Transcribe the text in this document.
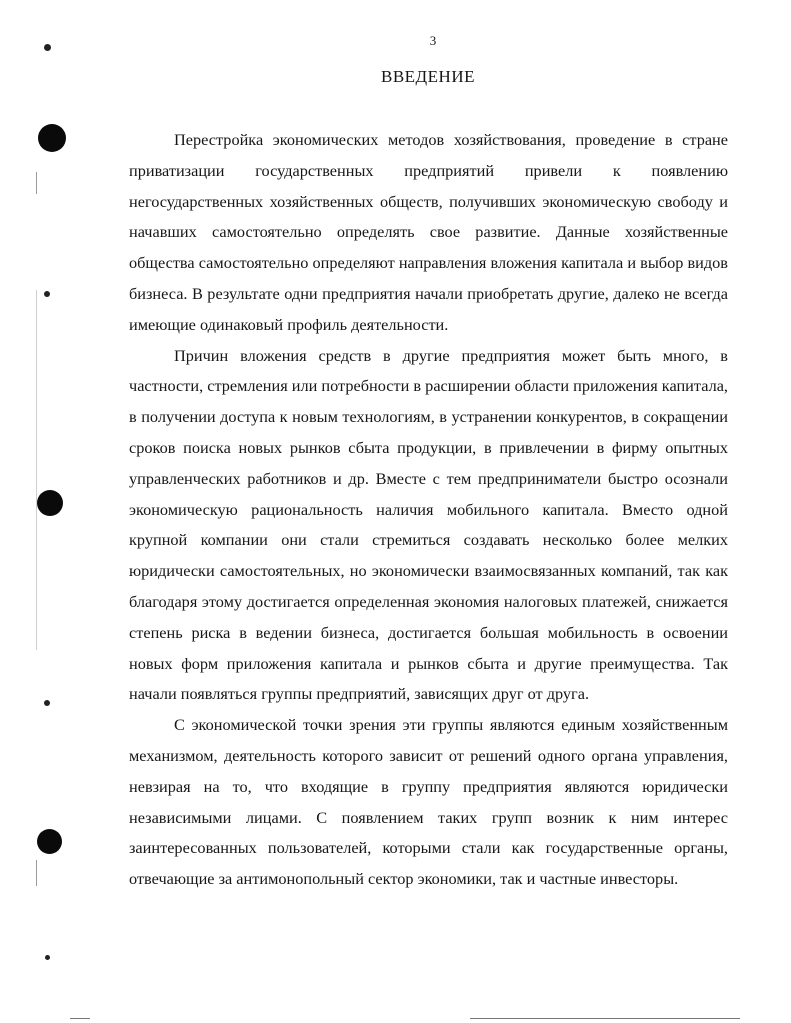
3
ВВЕДЕНИЕ

Перестройка экономических методов хозяйствования, проведение в стране приватизации государственных предприятий привели к появлению негосударственных хозяйственных обществ, получивших экономическую свободу и начавших самостоятельно определять свое развитие. Данные хозяйственные общества самостоятельно определяют направления вложения капитала и выбор видов бизнеса. В результате одни предприятия начали приобретать другие, далеко не всегда имеющие одинаковый профиль деятельности.

Причин вложения средств в другие предприятия может быть много, в частности, стремления или потребности в расширении области приложения капитала, в получении доступа к новым технологиям, в устранении конкурентов, в сокращении сроков поиска новых рынков сбыта продукции, в привлечении в фирму опытных управленческих работников и др. Вместе с тем предприниматели быстро осознали экономическую рациональность наличия мобильного капитала. Вместо одной крупной компании они стали стремиться создавать несколько более мелких юридически самостоятельных, но экономически взаимосвязанных компаний, так как благодаря этому достигается определенная экономия налоговых платежей, снижается степень риска в ведении бизнеса, достигается большая мобильность в освоении новых форм приложения капитала и рынков сбыта и другие преимущества. Так начали появляться группы предприятий, зависящих друг от друга.

С экономической точки зрения эти группы являются единым хозяйственным механизмом, деятельность которого зависит от решений одного органа управления, невзирая на то, что входящие в группу предприятия являются юридически независимыми лицами. С появлением таких групп возник к ним интерес заинтересованных пользователей, которыми стали как государственные органы, отвечающие за антимонопольный сектор экономики, так и частные инвесторы.
